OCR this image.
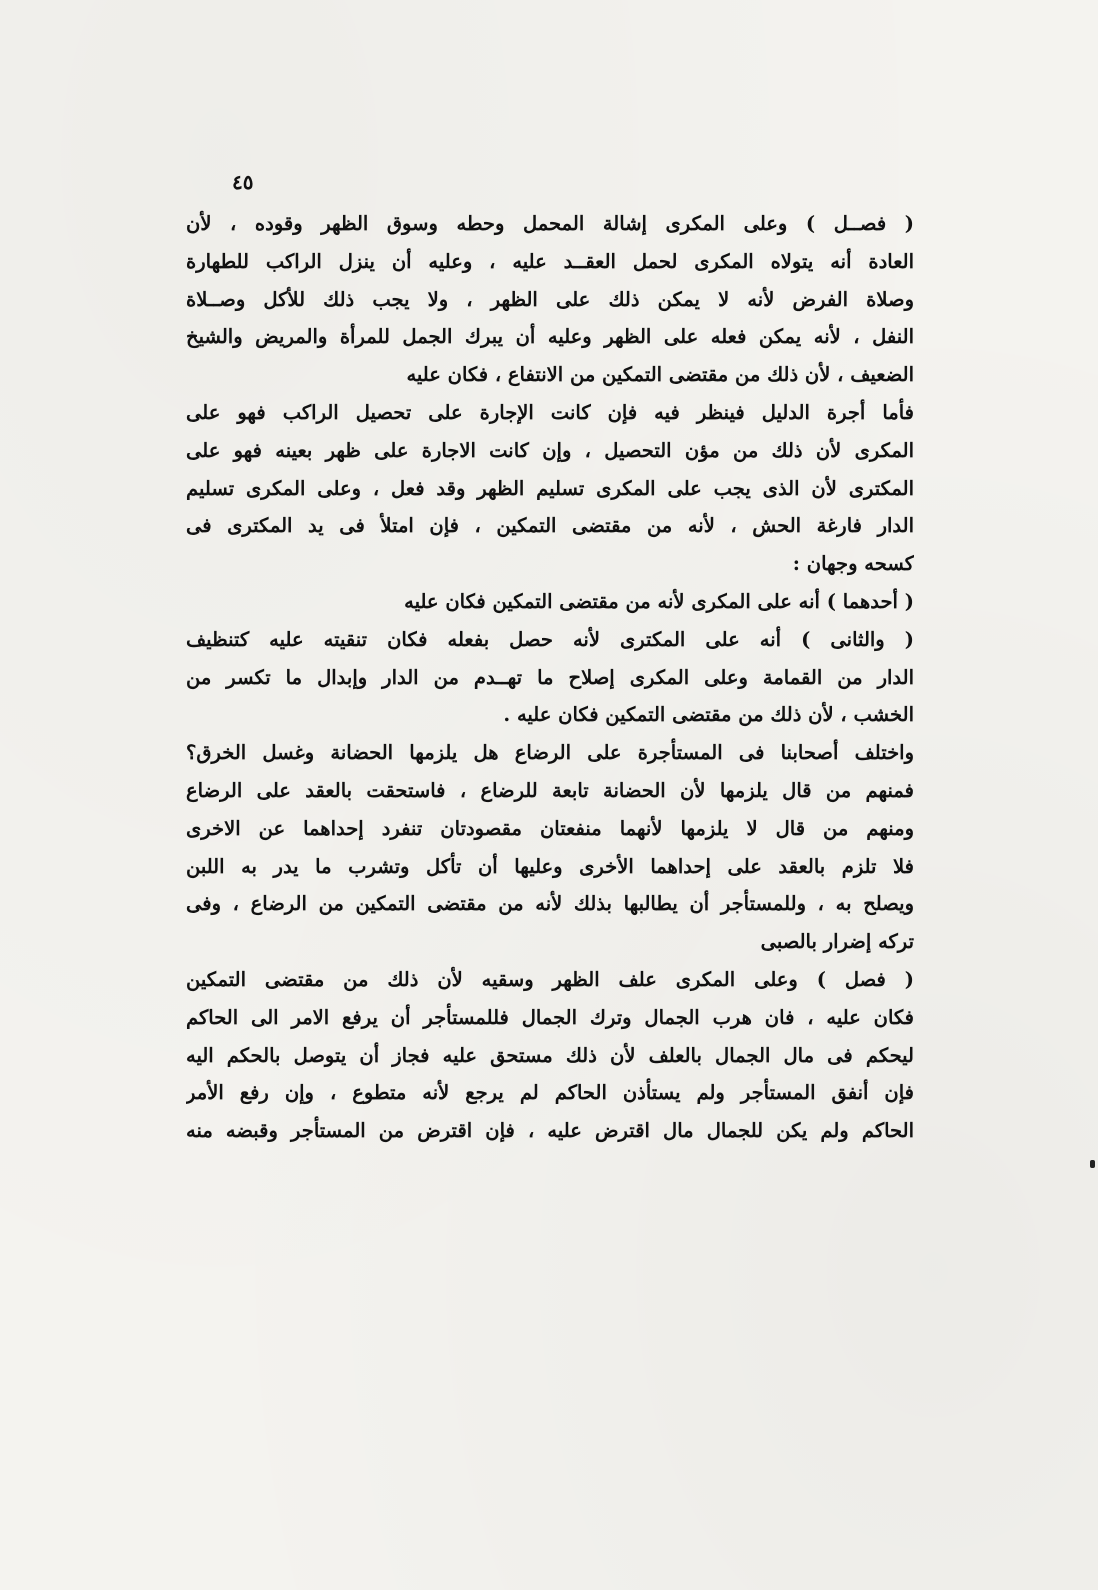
٤٥
( فصــل ) وعلى المكرى إشالة المحمل وحطه وسوق الظهر وقوده ، لأن
العادة أنه يتولاه المكرى لحمل العقــد عليه ، وعليه أن ينزل الراكب للطهارة
وصلاة الفرض لأنه لا يمكن ذلك على الظهر ، ولا يجب ذلك للأكل وصــلاة
النفل ، لأنه يمكن فعله على الظهر وعليه أن يبرك الجمل للمرأة والمريض والشيخ
الضعيف ، لأن ذلك من مقتضى التمكين من الانتفاع ، فكان عليه
فأما أجرة الدليل فينظر فيه فإن كانت الإجارة على تحصيل الراكب فهو على
المكرى لأن ذلك من مؤن التحصيل ، وإن كانت الاجارة على ظهر بعينه فهو على
المكترى لأن الذى يجب على المكرى تسليم الظهر وقد فعل ، وعلى المكرى تسليم
الدار فارغة الحش ، لأنه من مقتضى التمكين ، فإن امتلأ فى يد المكترى فى
كسحه وجهان :
( أحدهما ) أنه على المكرى لأنه من مقتضى التمكين فكان عليه
( والثانى ) أنه على المكترى لأنه حصل بفعله فكان تنقيته عليه كتنظيف
الدار من القمامة وعلى المكرى إصلاح ما تهــدم من الدار وإبدال ما تكسر من
الخشب ، لأن ذلك من مقتضى التمكين فكان عليه .
واختلف أصحابنا فى المستأجرة على الرضاع هل يلزمها الحضانة وغسل الخرق؟
فمنهم من قال يلزمها لأن الحضانة تابعة للرضاع ، فاستحقت بالعقد على الرضاع
ومنهم من قال لا يلزمها لأنهما منفعتان مقصودتان تنفرد إحداهما عن الاخرى
فلا تلزم بالعقد على إحداهما الأخرى وعليها أن تأكل وتشرب ما يدر به اللبن
ويصلح به ، وللمستأجر أن يطالبها بذلك لأنه من مقتضى التمكين من الرضاع ، وفى
تركه إضرار بالصبى
( فصل ) وعلى المكرى علف الظهر وسقيه لأن ذلك من مقتضى التمكين
فكان عليه ، فان هرب الجمال وترك الجمال فللمستأجر أن يرفع الامر الى الحاكم
ليحكم فى مال الجمال بالعلف لأن ذلك مستحق عليه فجاز أن يتوصل بالحكم اليه
فإن أنفق المستأجر ولم يستأذن الحاكم لم يرجع لأنه متطوع ، وإن رفع الأمر
الحاكم ولم يكن للجمال مال اقترض عليه ، فإن اقترض من المستأجر وقبضه منه
